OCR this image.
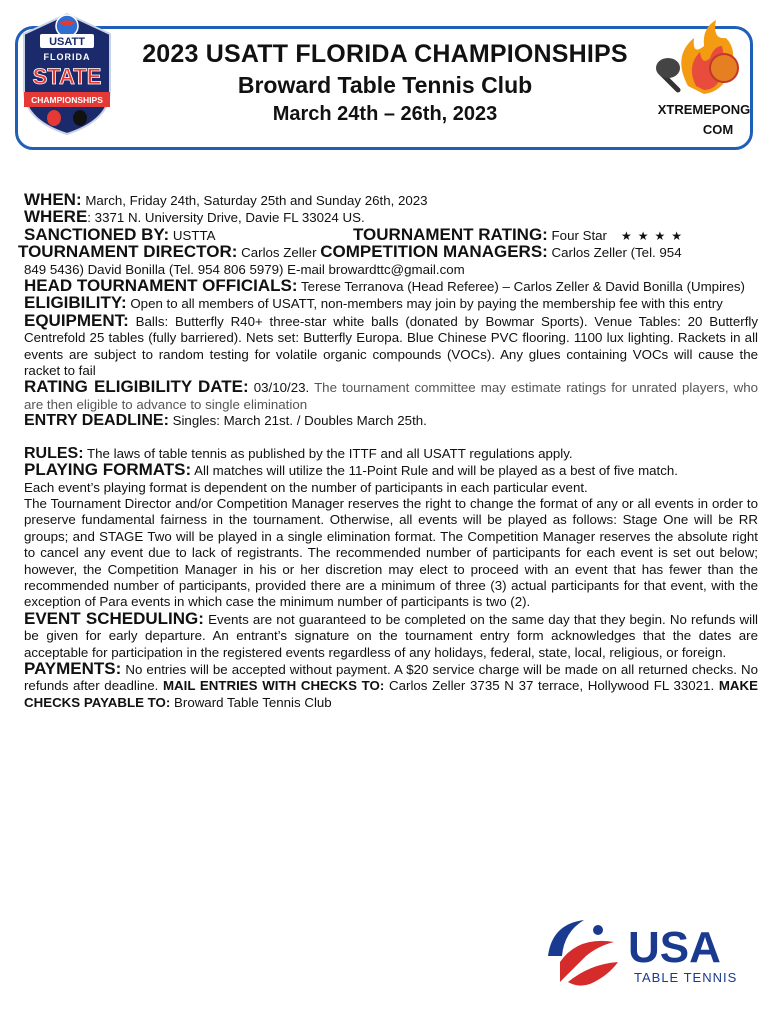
2023 USATT FLORIDA CHAMPIONSHIPS
Broward Table Tennis Club
March 24th – 26th, 2023
USATT
FLORIDA
STATE
CHAMPIONSHIPS
XTREMEPONG
COM

WHEN: March, Friday 24th, Saturday 25th and Sunday 26th, 2023

WHERE: 3371 N. University Drive, Davie FL 33024 US.

SANCTIONED BY: USTTA	TOURNAMENT RATING: Four Star ★★★★

TOURNAMENT DIRECTOR: Carlos Zeller COMPETITION MANAGERS: Carlos Zeller (Tel. 954

849 5436) David Bonilla (Tel. 954 806 5979) E-mail browardttc@gmail.com

HEAD TOURNAMENT OFFICIALS: Terese Terranova (Head Referee) – Carlos Zeller & David Bonilla (Umpires)

ELIGIBILITY: Open to all members of USATT, non-members may join by paying the membership fee with this entry

EQUIPMENT: Balls: Butterfly R40+ three-star white balls (donated by Bowmar Sports). Venue Tables: 20 Butterfly Centrefold 25 tables (fully barriered). Nets set: Butterfly Europa. Blue Chinese PVC flooring. 1100 lux lighting. Rackets in all events are subject to random testing for volatile organic compounds (VOCs). Any glues containing VOCs will cause the racket to fail

RATING ELIGIBILITY DATE: 03/10/23. The tournament committee may estimate ratings for unrated players, who are then eligible to advance to single elimination

ENTRY DEADLINE: Singles: March 21st. / Doubles March 25th.

RULES: The laws of table tennis as published by the ITTF and all USATT regulations apply.

PLAYING FORMATS: All matches will utilize the 11-Point Rule and will be played as a best of five match.

Each event’s playing format is dependent on the number of participants in each particular event.

The Tournament Director and/or Competition Manager reserves the right to change the format of any or all events in order to preserve fundamental fairness in the tournament. Otherwise, all events will be played as follows: Stage One will be RR groups; and STAGE Two will be played in a single elimination format. The Competition Manager reserves the absolute right to cancel any event due to lack of registrants. The recommended number of participants for each event is set out below; however, the Competition Manager in his or her discretion may elect to proceed with an event that has fewer than the recommended number of participants, provided there are a minimum of three (3) actual participants for that event, with the exception of Para events in which case the minimum number of participants is two (2).

EVENT SCHEDULING: Events are not guaranteed to be completed on the same day that they begin. No refunds will be given for early departure. An entrant’s signature on the tournament entry form acknowledges that the dates are acceptable for participation in the registered events regardless of any holidays, federal, state, local, religious, or foreign.

PAYMENTS: No entries will be accepted without payment. A $20 service charge will be made on all returned checks. No refunds after deadline. MAIL ENTRIES WITH CHECKS TO: Carlos Zeller 3735 N 37 terrace, Hollywood FL 33021. MAKE CHECKS PAYABLE TO: Broward Table Tennis Club

USA
TABLE TENNIS
